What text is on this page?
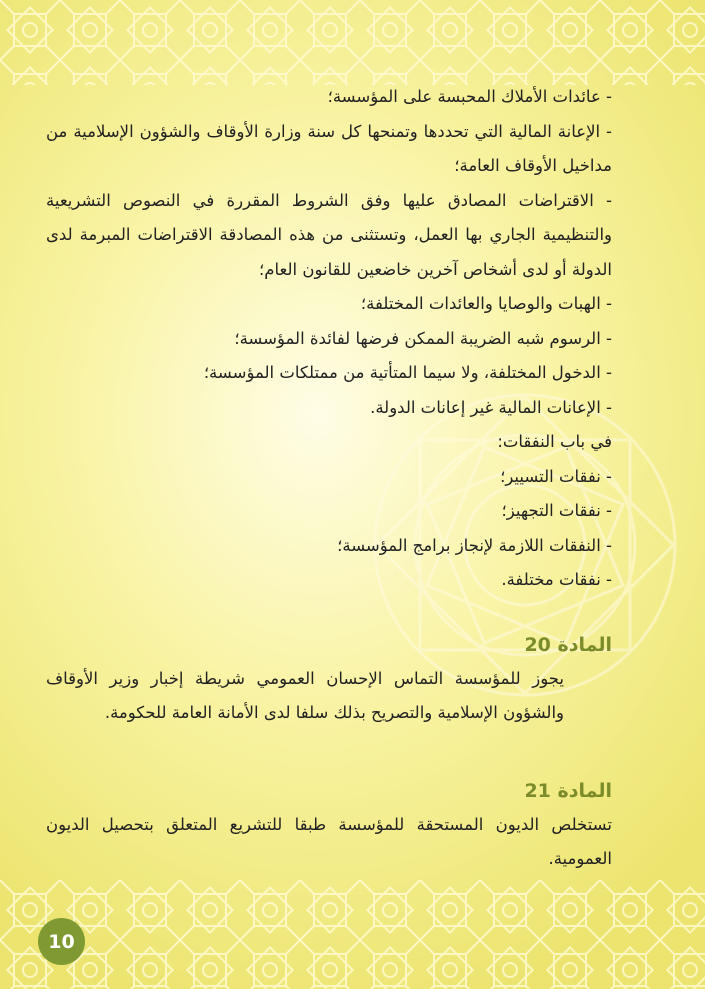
- عائدات الأملاك المحبسة على المؤسسة؛

- الإعانة المالية التي تحددها وتمنحها كل سنة وزارة الأوقاف والشؤون الإسلامية من مداخيل الأوقاف العامة؛

- الاقتراضات المصادق عليها وفق الشروط المقررة في النصوص التشريعية والتنظيمية الجاري بها العمل، وتستثنى من هذه المصادقة الاقتراضات المبرمة لدى الدولة أو لدى أشخاص آخرين خاضعين للقانون العام؛

- الهبات والوصايا والعائدات المختلفة؛

- الرسوم شبه الضريبة الممكن فرضها لفائدة المؤسسة؛

- الدخول المختلفة، ولا سيما المتأتية من ممتلكات المؤسسة؛

- الإعانات المالية غير إعانات الدولة.

في باب النفقات:

- نفقات التسيير؛

- نفقات التجهيز؛

- النفقات اللازمة لإنجاز برامج المؤسسة؛

- نفقات مختلفة.

المادة 20

يجوز للمؤسسة التماس الإحسان العمومي شريطة إخبار وزير الأوقاف والشؤون الإسلامية والتصريح بذلك سلفا لدى الأمانة العامة للحكومة.

المادة 21

تستخلص الديون المستحقة للمؤسسة طبقا للتشريع المتعلق بتحصيل الديون العمومية.

10
